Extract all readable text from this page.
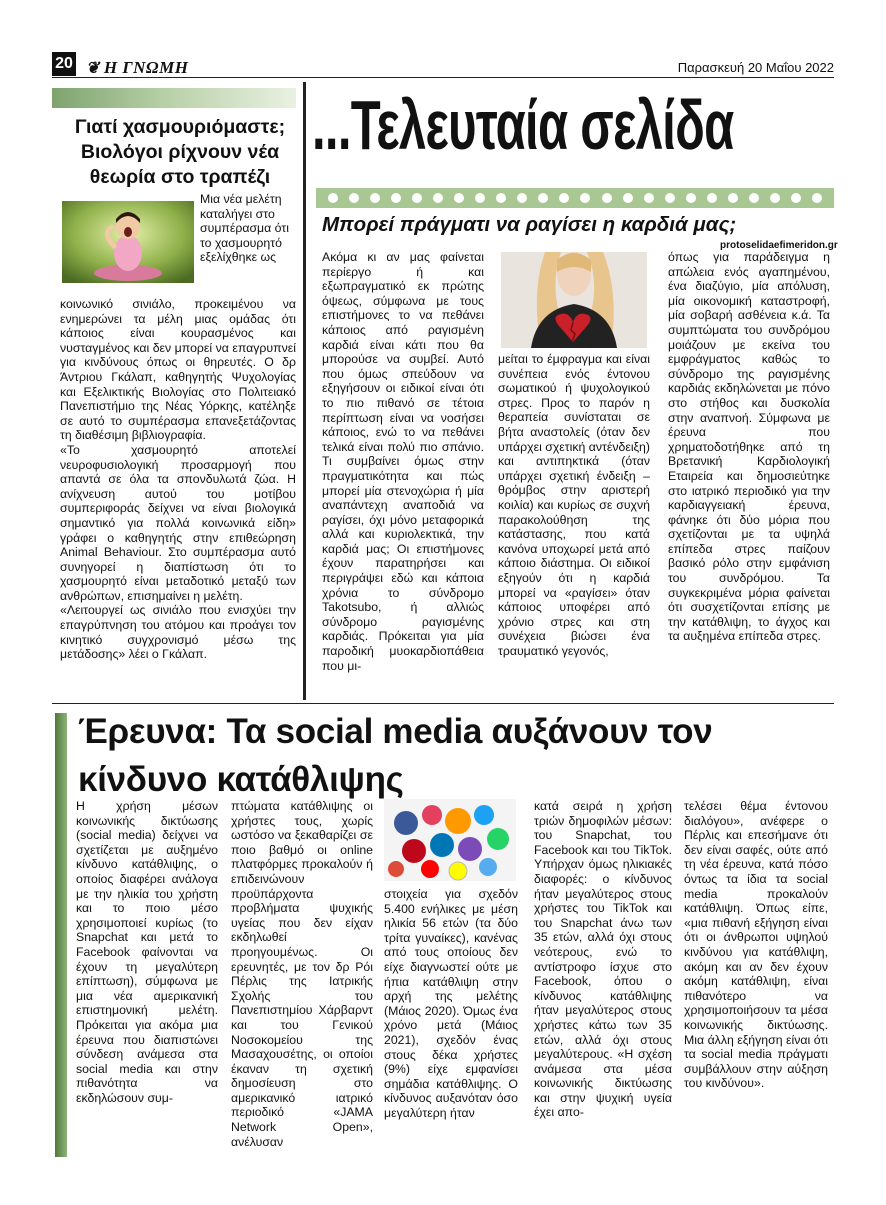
20 ❦ Η ΓΝΩΜΗ	Παρασκευή 20 Μαΐου 2022
Γιατί χασμουριόμαστε; Βιολόγοι ρίχνουν νέα θεωρία στο τραπέζι
Μια νέα μελέτη καταλήγει στο συμπέρασμα ότι το χασμουρητό εξελίχθηκε ως

κοινωνικό σινιάλο, προκειμένου να ενημερώνει τα μέλη μιας ομάδας ότι κάποιος είναι κουρασμένος και νυσταγμένος και δεν μπορεί να επαγρυπνεί για κινδύνους όπως οι θηρευτές. Ο δρ Άντριου Γκάλαπ, καθηγητής Ψυχολογίας και Εξελικτικής Βιολογίας στο Πολιτειακό Πανεπιστήμιο της Νέας Υόρκης, κατέληξε σε αυτό το συμπέρασμα επανεξετάζοντας τη διαθέσιμη βιβλιογραφία.

«Το χασμουρητό αποτελεί νευροφυσιολογική προσαρμογή που απαντά σε όλα τα σπονδυλωτά ζώα. Η ανίχνευση αυτού του μοτίβου συμπεριφοράς δείχνει να είναι βιολογικά σημαντικό για πολλά κοινωνικά είδη» γράφει ο καθηγητής στην επιθεώρηση Animal Behaviour. Στο συμπέρασμα αυτό συνηγορεί η διαπίστωση ότι το χασμουρητό είναι μεταδοτικό μεταξύ των ανθρώπων, επισημαίνει η μελέτη.

«Λειτουργεί ως σινιάλο που ενισχύει την επαγρύπνηση του ατόμου και προάγει τον κινητικό συγχρονισμό μέσω της μετάδοσης» λέει ο Γκάλαπ.

...Τελευταία σελίδα
Μπορεί πράγματι να ραγίσει η καρδιά μας;
protoselidaefimeridon.gr
Ακόμα κι αν μας φαίνεται περίεργο ή και εξωπραγματικό εκ πρώτης όψεως, σύμφωνα με τους επιστήμονες το να πεθάνει κάποιος από ραγισμένη καρδιά είναι κάτι που θα μπορούσε να συμβεί. Αυτό που όμως σπεύδουν να εξηγήσουν οι ειδικοί είναι ότι το πιο πιθανό σε τέτοια περίπτωση είναι να νοσήσει κάποιος, ενώ το να πεθάνει τελικά είναι πολύ πιο σπάνιο. Τι συμβαίνει όμως στην πραγματικότητα και πώς μπορεί μία στενοχώρια ή μία αναπάντεχη αναποδιά να ραγίσει, όχι μόνο μεταφορικά αλλά και κυριολεκτικά, την καρδιά μας; Οι επιστήμονες έχουν παρατηρήσει και περιγράψει εδώ και κάποια χρόνια το σύνδρομο Takotsubo, ή αλλιώς σύνδρομο ραγισμένης καρδιάς. Πρόκειται για μία παροδική μυοκαρδιοπάθεια που μι-
μείται το έμφραγμα και είναι συνέπεια ενός έντονου σωματικού ή ψυχολογικού στρες. Προς το παρόν η θεραπεία συνίσταται σε βήτα αναστολείς (όταν δεν υπάρχει σχετική αντένδειξη) και αντιπηκτικά (όταν υπάρχει σχετική ένδειξη – θρόμβος στην αριστερή κοιλία) και κυρίως σε συχνή παρακολούθηση της κατάστασης, που κατά κανόνα υποχωρεί μετά από κάποιο διάστημα. Οι ειδικοί εξηγούν ότι η καρδιά μπορεί να «ραγίσει» όταν κάποιος υποφέρει από χρόνιο στρες και στη συνέχεια βιώσει ένα τραυματικό γεγονός,
όπως για παράδειγμα η απώλεια ενός αγαπημένου, ένα διαζύγιο, μία απόλυση, μία οικονομική καταστροφή, μία σοβαρή ασθένεια κ.ά. Τα συμπτώματα του συνδρόμου μοιάζουν με εκείνα του εμφράγματος καθώς το σύνδρομο της ραγισμένης καρδιάς εκδηλώνεται με πόνο στο στήθος και δυσκολία στην αναπνοή. Σύμφωνα με έρευνα που χρηματοδοτήθηκε από τη Βρετανική Καρδιολογική Εταιρεία και δημοσιεύτηκε στο ιατρικό περιοδικό για την καρδιαγγειακή έρευνα, φάνηκε ότι δύο μόρια που σχετίζονται με τα υψηλά επίπεδα στρες παίζουν βασικό ρόλο στην εμφάνιση του συνδρόμου. Τα συγκεκριμένα μόρια φαίνεται ότι συσχετίζονται επίσης με την κατάθλιψη, το άγχος και τα αυξημένα επίπεδα στρες.
Έρευνα: Τα social media αυξάνουν τον κίνδυνο κατάθλιψης
Η χρήση μέσων κοινωνικής δικτύωσης (social media) δείχνει να σχετίζεται με αυξημένο κίνδυνο κατάθλιψης, ο οποίος διαφέρει ανάλογα με την ηλικία του χρήστη και το ποιο μέσο χρησιμοποιεί κυρίως (το Snapchat και μετά το Facebook φαίνονται να έχουν τη μεγαλύτερη επίπτωση), σύμφωνα με μια νέα αμερικανική επιστημονική μελέτη. Πρόκειται για ακόμα μια έρευνα που διαπιστώνει σύνδεση ανάμεσα στα social media και στην πιθανότητα να εκδηλώσουν συμ-
πτώματα κατάθλιψης οι χρήστες τους, χωρίς ωστόσο να ξεκαθαρίζει σε ποιο βαθμό οι online πλατφόρμες προκαλούν ή επιδεινώνουν προϋπάρχοντα προβλήματα ψυχικής υγείας που δεν είχαν εκδηλωθεί προηγουμένως. Οι ερευνητές, με τον δρ Ρόι Πέρλις της Ιατρικής Σχολής του Πανεπιστημίου Χάρβαρντ και του Γενικού Νοσοκομείου της Μασαχουσέτης, οι οποίοι έκαναν τη σχετική δημοσίευση στο αμερικανικό ιατρικό περιοδικό «JAMA Network Open», ανέλυσαν
στοιχεία για σχεδόν 5.400 ενήλικες με μέση ηλικία 56 ετών (τα δύο τρίτα γυναίκες), κανένας από τους οποίους δεν είχε διαγνωστεί ούτε με ήπια κατάθλιψη στην αρχή της μελέτης (Μάιος 2020). Όμως ένα χρόνο μετά (Μάιος 2021), σχεδόν ένας στους δέκα χρήστες (9%) είχε εμφανίσει σημάδια κατάθλιψης. Ο κίνδυνος αυξανόταν όσο μεγαλύτερη ήταν
κατά σειρά η χρήση τριών δημοφιλών μέσων: του Snapchat, του Facebook και του TikTok. Υπήρχαν όμως ηλικιακές διαφορές: ο κίνδυνος ήταν μεγαλύτερος στους χρήστες του TikTok και του Snapchat άνω των 35 ετών, αλλά όχι στους νεότερους, ενώ το αντίστροφο ίσχυε στο Facebook, όπου ο κίνδυνος κατάθλιψης ήταν μεγαλύτερος στους χρήστες κάτω των 35 ετών, αλλά όχι στους μεγαλύτερους. «Η σχέση ανάμεσα στα μέσα κοινωνικής δικτύωσης και στην ψυχική υγεία έχει απο-
τελέσει θέμα έντονου διαλόγου», ανέφερε ο Πέρλις και επεσήμανε ότι δεν είναι σαφές, ούτε από τη νέα έρευνα, κατά πόσο όντως τα ίδια τα social media προκαλούν κατάθλιψη. Όπως είπε, «μια πιθανή εξήγηση είναι ότι οι άνθρωποι υψηλού κινδύνου για κατάθλιψη, ακόμη και αν δεν έχουν ακόμη κατάθλιψη, είναι πιθανότερο να χρησιμοποιήσουν τα μέσα κοινωνικής δικτύωσης. Μια άλλη εξήγηση είναι ότι τα social media πράγματι συμβάλλουν στην αύξηση του κινδύνου».
